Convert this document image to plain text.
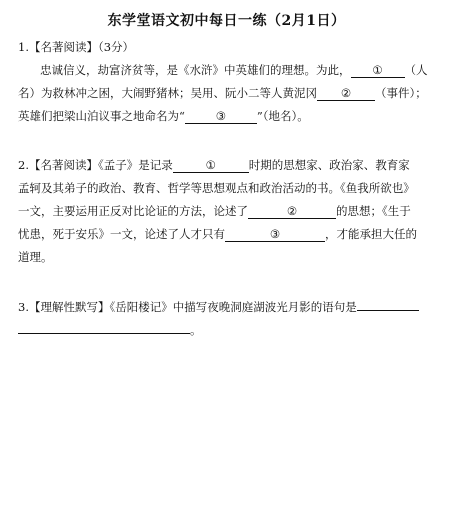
东学堂语文初中每日一练（2月1日）
1.【名著阅读】（3分）
忠诚信义，劫富济贫等，是《水浒》中英雄们的理想。为此， ① （人
名）为救林冲之困，大闹野猪林；吴用、阮小二等人黄泥冈 ② （事件）；
英雄们把梁山泊议事之地命名为“	③	”（地名）。
2.【名著阅读】《孟子》是记录	①	时期的思想家、政治家、教育家
孟轲及其弟子的政治、教育、哲学等思想观点和政治活动的书。《鱼我所欲也》
一文，主要运用正反对比论证的方法，论述了	②	的思想；《生于
忧患，死于安乐》一文，论述了人才只有	③	，才能承担大任的
道理。
3.【理解性默写】《岳阳楼记》中描写夜晚洞庭湖波光月影的语句是
。
